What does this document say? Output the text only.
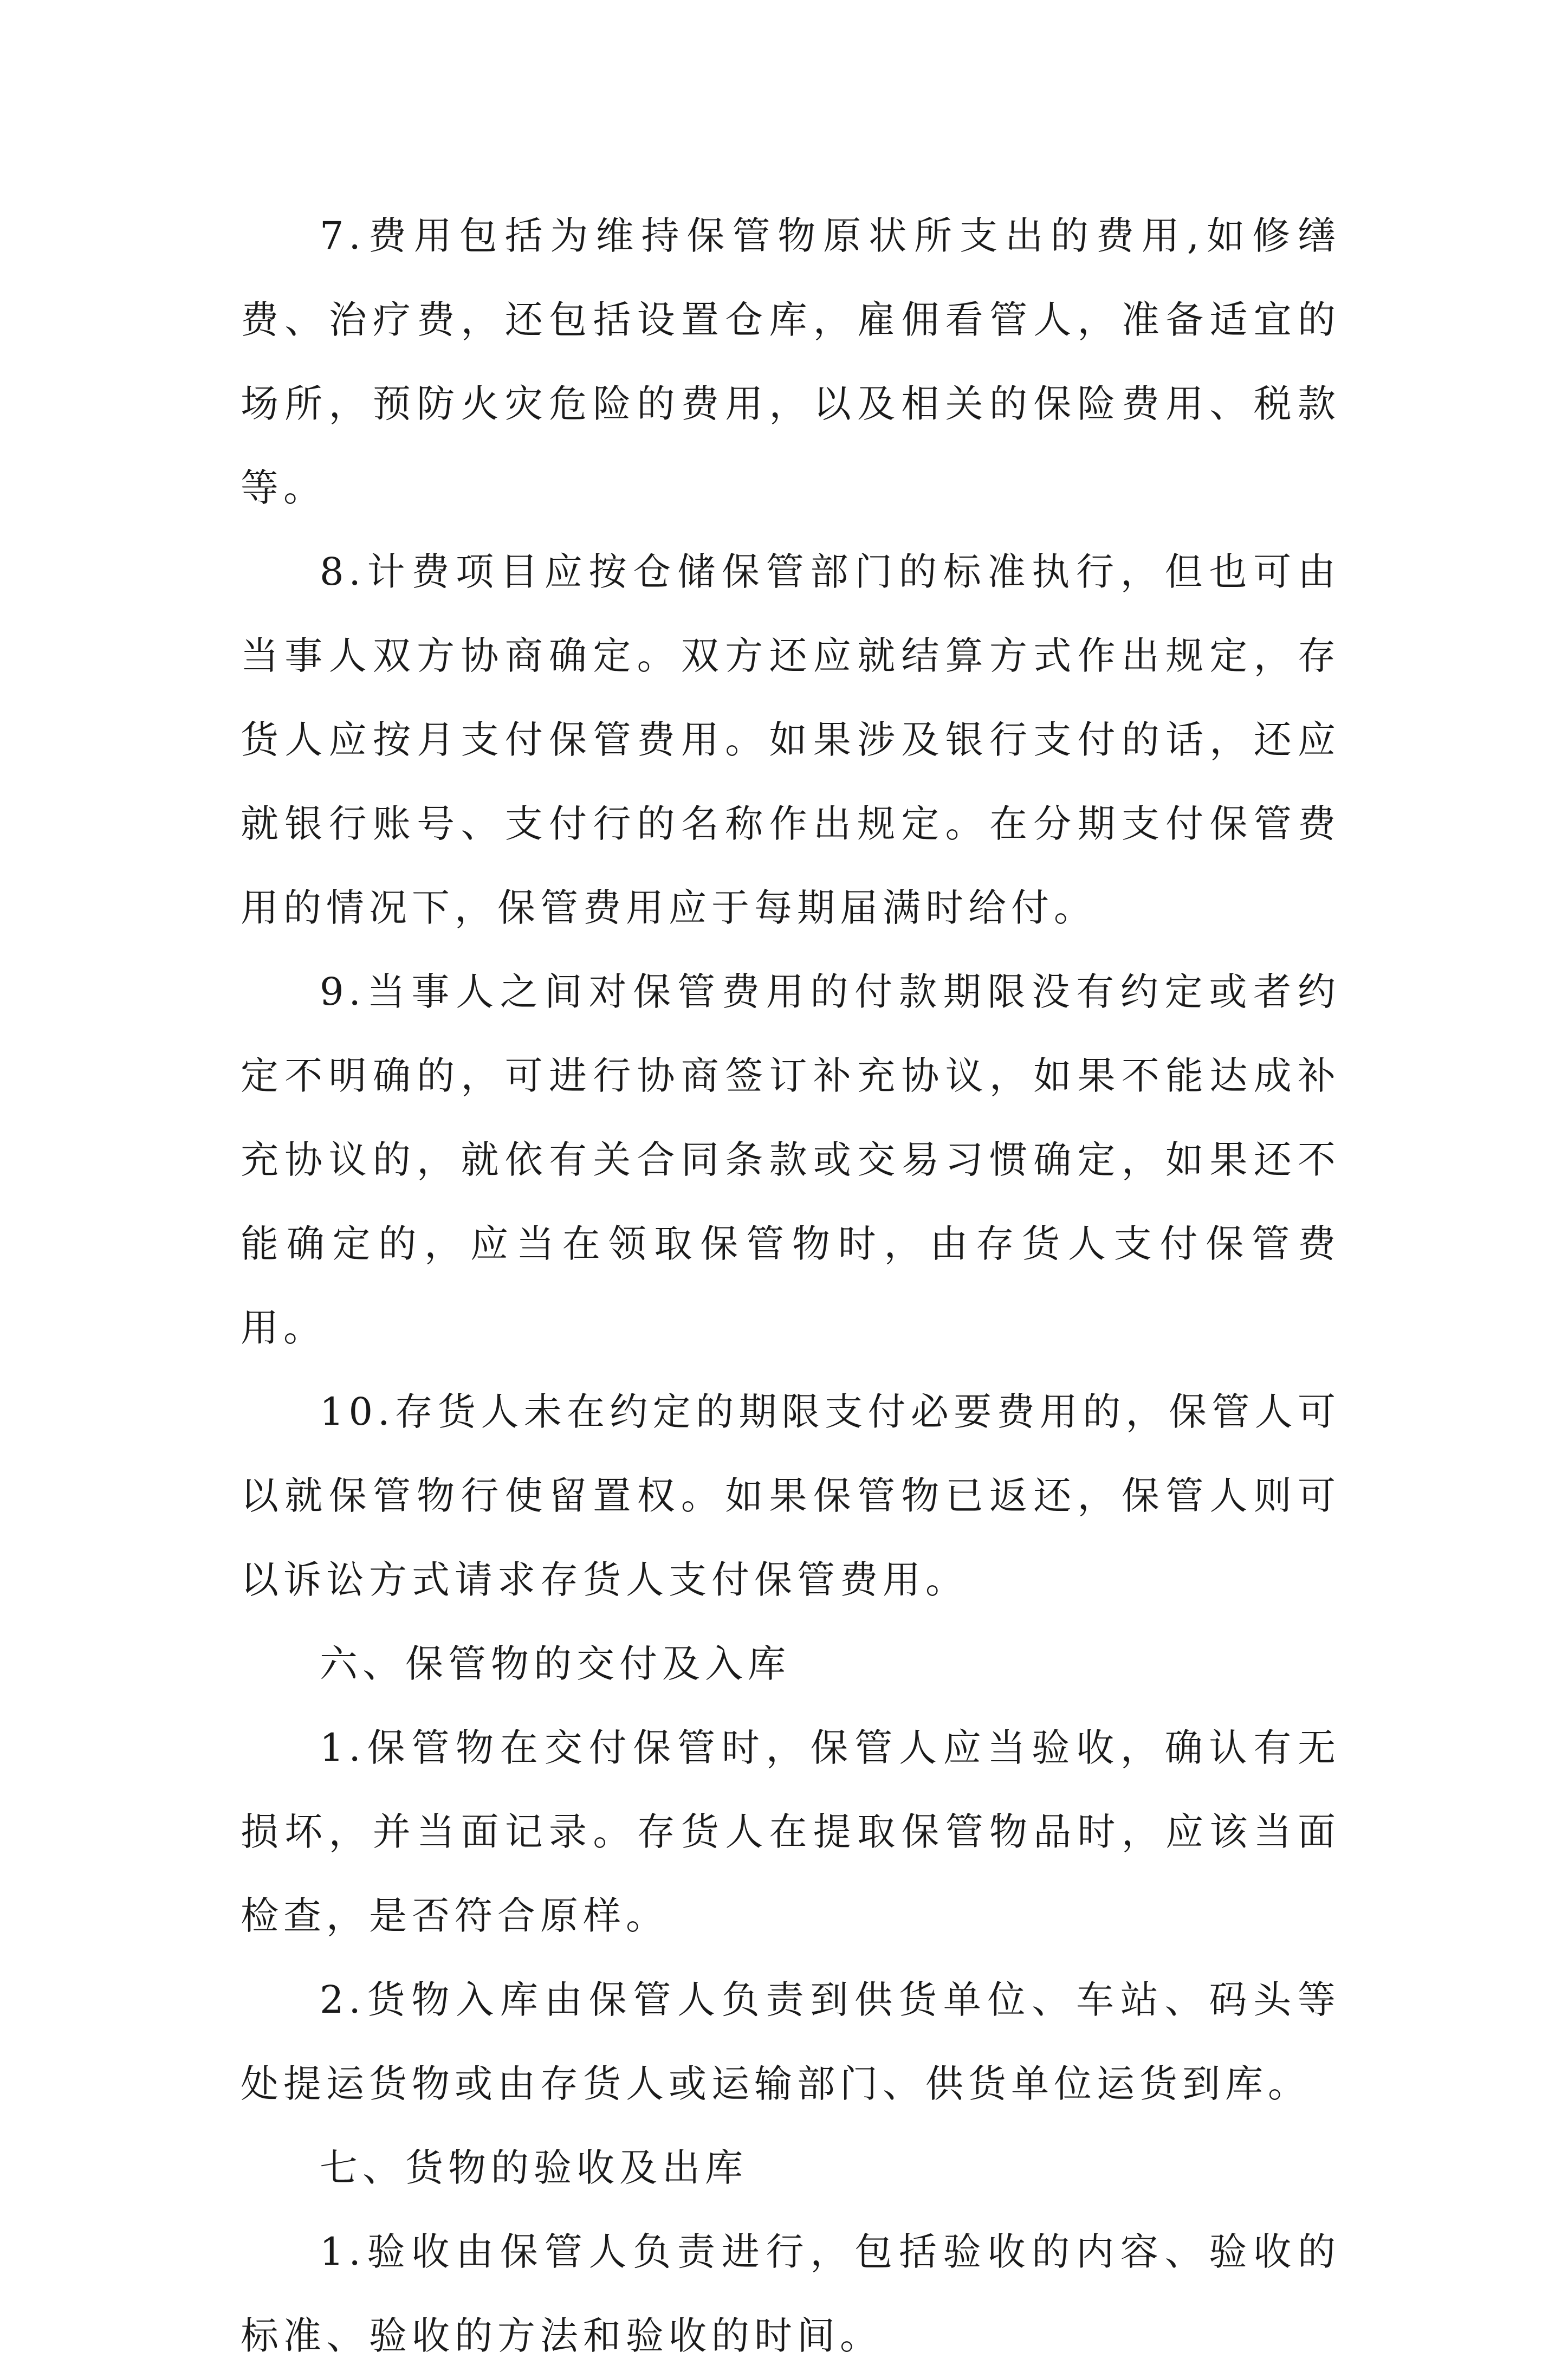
7.费用包括为维持保管物原状所支出的费用,如修缮费、治疗费，还包括设置仓库，雇佣看管人，准备适宜的场所，预防火灾危险的费用，以及相关的保险费用、税款等。

8.计费项目应按仓储保管部门的标准执行，但也可由当事人双方协商确定。双方还应就结算方式作出规定，存货人应按月支付保管费用。如果涉及银行支付的话，还应就银行账号、支付行的名称作出规定。在分期支付保管费用的情况下，保管费用应于每期届满时给付。

9.当事人之间对保管费用的付款期限没有约定或者约定不明确的，可进行协商签订补充协议，如果不能达成补充协议的，就依有关合同条款或交易习惯确定，如果还不能确定的，应当在领取保管物时，由存货人支付保管费用。

10.存货人未在约定的期限支付必要费用的，保管人可以就保管物行使留置权。如果保管物已返还，保管人则可以诉讼方式请求存货人支付保管费用。

六、保管物的交付及入库

1.保管物在交付保管时，保管人应当验收，确认有无损坏，并当面记录。存货人在提取保管物品时，应该当面检查，是否符合原样。

2.货物入库由保管人负责到供货单位、车站、码头等处提运货物或由存货人或运输部门、供货单位运货到库。

七、货物的验收及出库

1.验收由保管人负责进行，包括验收的内容、验收的标准、验收的方法和验收的时间。
